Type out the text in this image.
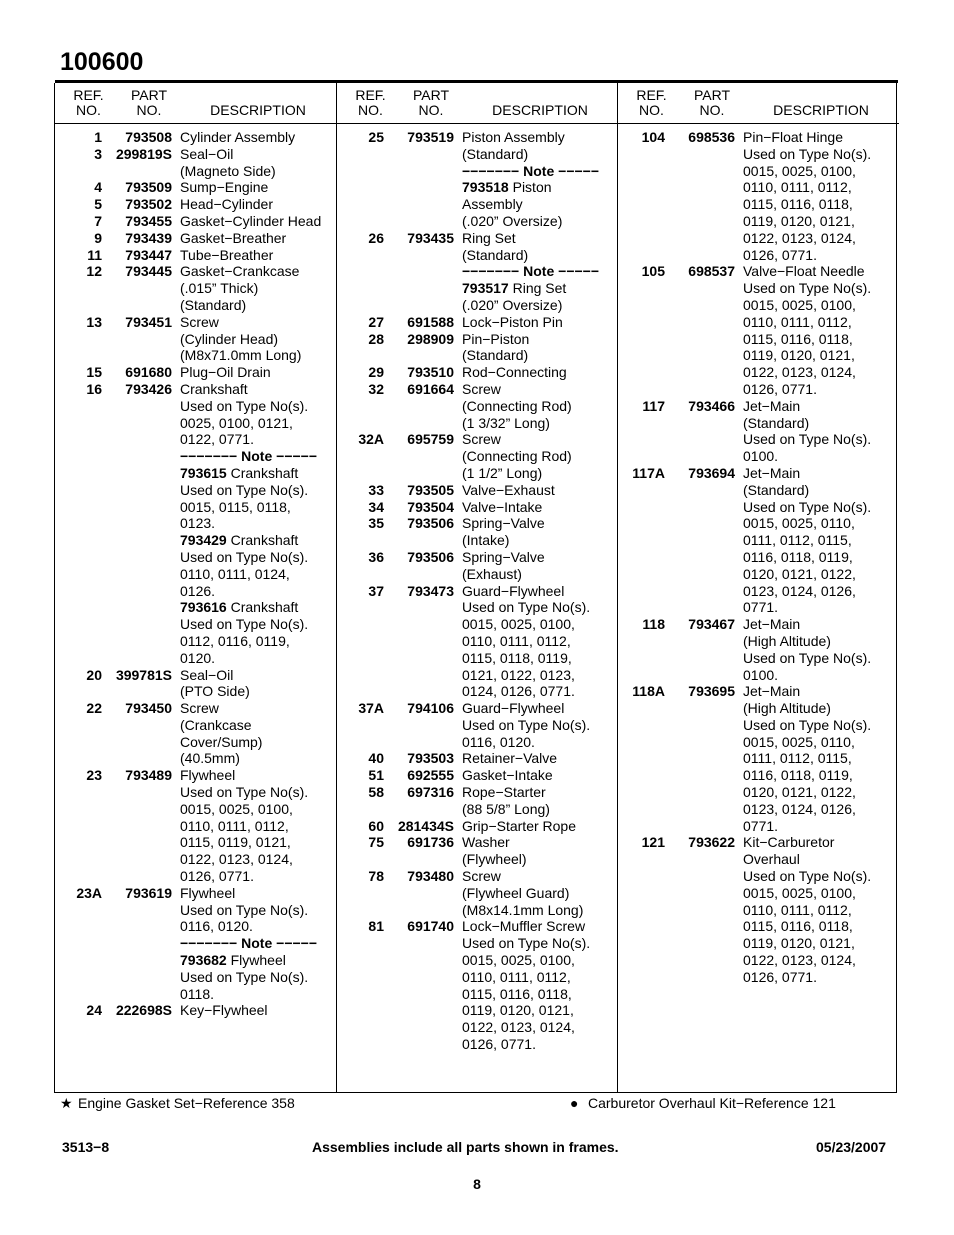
100600
REF.
NO.
PART
NO.	DESCRIPTION
1	793508 Cylinder Assembly
3 299819S Seal−Oil
(Magneto Side)
4	793509 Sump−Engine
5	793502 Head−Cylinder
7	793455 Gasket−Cylinder Head
9	793439 Gasket−Breather
11	793447 Tube−Breather
12	793445 Gasket−Crankcase
(.015” Thick)
(Standard)
13	793451 Screw
(Cylinder Head)
(M8x71.0mm Long)
15	691680 Plug−Oil Drain
16	793426 Crankshaft
Used on Type No(s).
0025, 0100, 0121,
0122, 0771.
−−−−−−− Note −−−−−
793615 Crankshaft
Used on Type No(s).
0015, 0115, 0118,
0123.
793429 Crankshaft
Used on Type No(s).
0110, 0111, 0124,
0126.
793616 Crankshaft
Used on Type No(s).
0112, 0116, 0119,
0120.
20 399781S Seal−Oil
(PTO Side)
22	793450 Screw
(Crankcase
Cover/Sump)
(40.5mm)
23	793489 Flywheel
Used on Type No(s).
0015, 0025, 0100,
0110, 0111, 0112,
0115, 0119, 0121,
0122, 0123, 0124,
0126, 0771.
23A	793619 Flywheel
Used on Type No(s).
0116, 0120.
−−−−−−− Note −−−−−
793682 Flywheel
Used on Type No(s).
0118.
24 222698S Key−Flywheel
REF.
NO.
PART
NO.	DESCRIPTION
25	793519 Piston Assembly
(Standard)
−−−−−−− Note −−−−−
793518 Piston
Assembly
(.020” Oversize)
26	793435 Ring Set
(Standard)
−−−−−−− Note −−−−−
793517 Ring Set
(.020” Oversize)
27	691588 Lock−Piston Pin
28	298909 Pin−Piston
(Standard)
29	793510 Rod−Connecting
32	691664 Screw
(Connecting Rod)
(1 3/32” Long)
32A	695759 Screw
(Connecting Rod)
(1 1/2” Long)
33	793505 Valve−Exhaust
34	793504 Valve−Intake
35	793506 Spring−Valve
(Intake)
36	793506 Spring−Valve
(Exhaust)
37	793473 Guard−Flywheel
Used on Type No(s).
0015, 0025, 0100,
0110, 0111, 0112,
0115, 0118, 0119,
0121, 0122, 0123,
0124, 0126, 0771.
37A	794106 Guard−Flywheel
Used on Type No(s).
0116, 0120.
40	793503 Retainer−Valve
51	692555 Gasket−Intake
58	697316 Rope−Starter
(88 5/8” Long)
60 281434S Grip−Starter Rope
75	691736 Washer
(Flywheel)
78	793480 Screw
(Flywheel Guard)
(M8x14.1mm Long)
81	691740 Lock−Muffler Screw
Used on Type No(s).
0015, 0025, 0100,
0110, 0111, 0112,
0115, 0116, 0118,
0119, 0120, 0121,
0122, 0123, 0124,
0126, 0771.
REF.
NO.
PART
NO.	DESCRIPTION
104	698536 Pin−Float Hinge
Used on Type No(s).
0015, 0025, 0100,
0110, 0111, 0112,
0115, 0116, 0118,
0119, 0120, 0121,
0122, 0123, 0124,
0126, 0771.
105	698537 Valve−Float Needle
Used on Type No(s).
0015, 0025, 0100,
0110, 0111, 0112,
0115, 0116, 0118,
0119, 0120, 0121,
0122, 0123, 0124,
0126, 0771.
117	793466 Jet−Main
(Standard)
Used on Type No(s).
0100.
117A	793694 Jet−Main
(Standard)
Used on Type No(s).
0015, 0025, 0110,
0111, 0112, 0115,
0116, 0118, 0119,
0120, 0121, 0122,
0123, 0124, 0126,
0771.
118	793467 Jet−Main
(High Altitude)
Used on Type No(s).
0100.
118A	793695 Jet−Main
(High Altitude)
Used on Type No(s).
0015, 0025, 0110,
0111, 0112, 0115,
0116, 0118, 0119,
0120, 0121, 0122,
0123, 0124, 0126,
0771.
121	793622 Kit−Carburetor
Overhaul
Used on Type No(s).
0015, 0025, 0100,
0110, 0111, 0112,
0115, 0116, 0118,
0119, 0120, 0121,
0122, 0123, 0124,
0126, 0771.
★ Engine Gasket Set−Reference 358	● Carburetor Overhaul Kit−Reference 121
3513−8	Assemblies include all parts shown in frames.	05/23/2007
8
